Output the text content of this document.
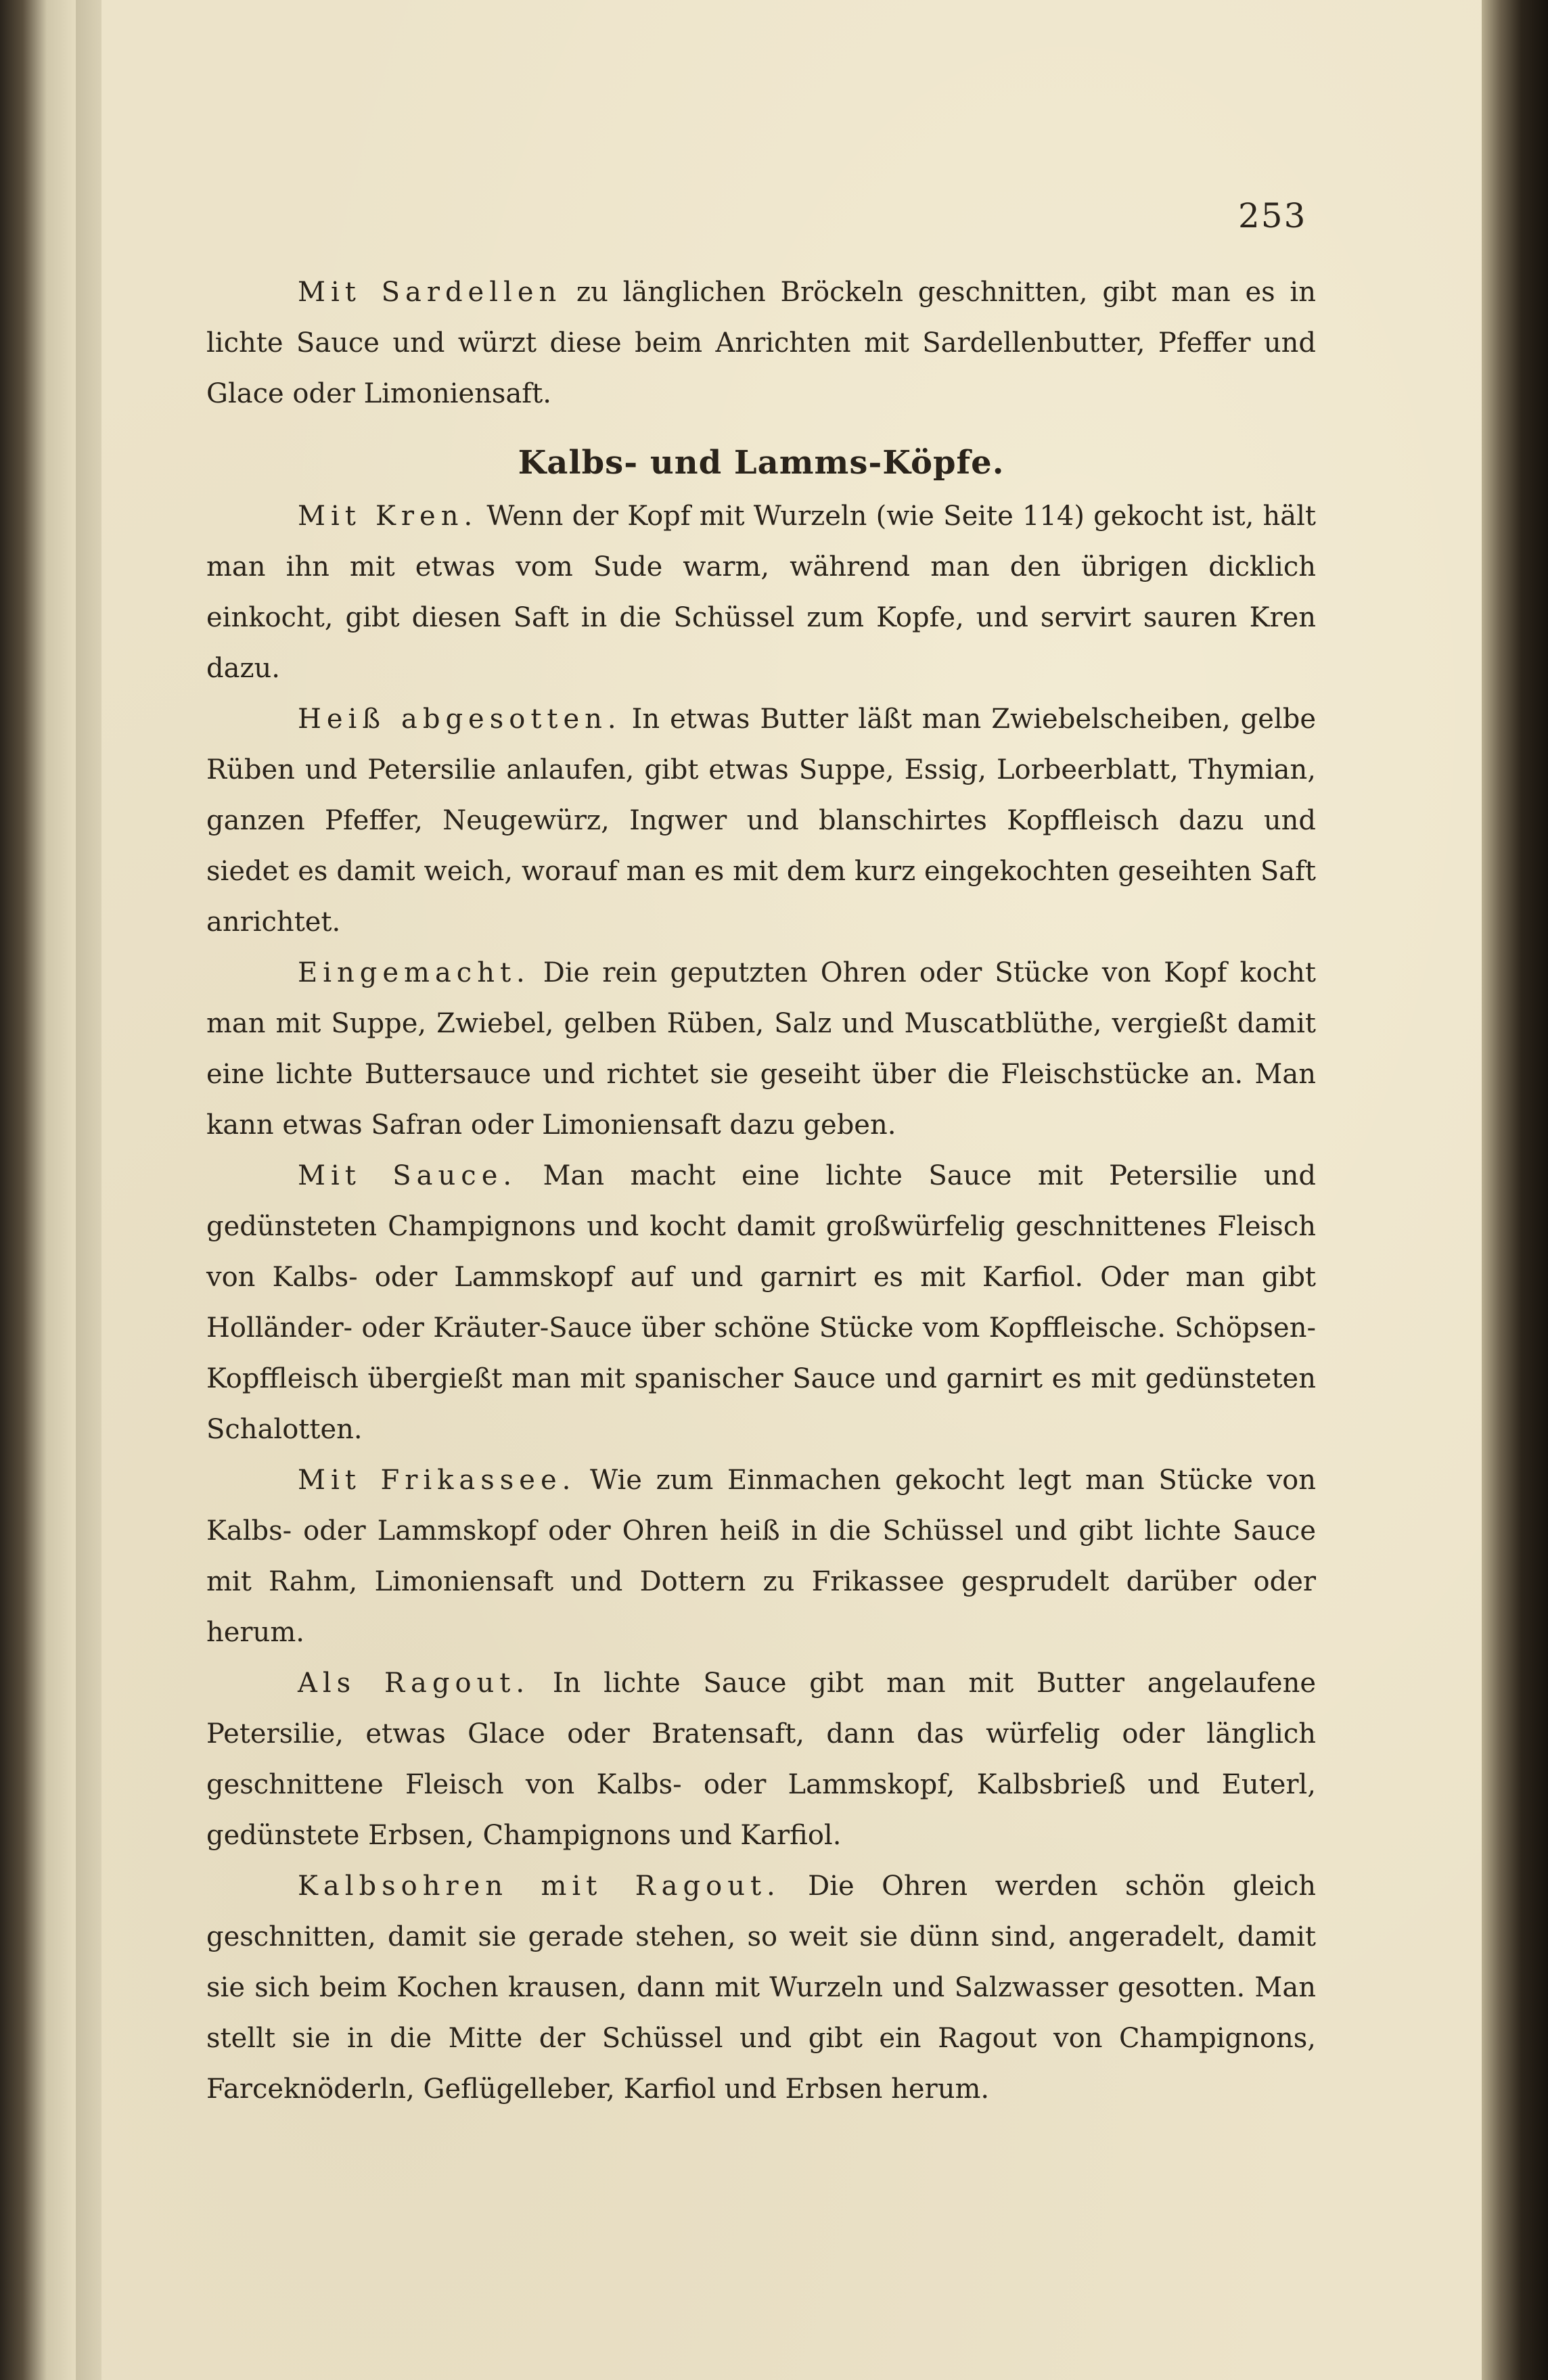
253

Mit Sardellen zu länglichen Bröckeln geschnitten, gibt man es in lichte Sauce und würzt diese beim Anrichten mit Sardellenbutter, Pfeffer und Glace oder Limoniensaft.

Kalbs- und Lamms-Köpfe.

Mit Kren. Wenn der Kopf mit Wurzeln (wie Seite 114) gekocht ist, hält man ihn mit etwas vom Sude warm, während man den übrigen dicklich einkocht, gibt diesen Saft in die Schüssel zum Kopfe, und servirt sauren Kren dazu.

Heiß abgesotten. In etwas Butter läßt man Zwiebelscheiben, gelbe Rüben und Petersilie anlaufen, gibt etwas Suppe, Essig, Lorbeerblatt, Thymian, ganzen Pfeffer, Neugewürz, Ingwer und blanschirtes Kopffleisch dazu und siedet es damit weich, worauf man es mit dem kurz eingekochten geseihten Saft anrichtet.

Eingemacht. Die rein geputzten Ohren oder Stücke von Kopf kocht man mit Suppe, Zwiebel, gelben Rüben, Salz und Muscatblüthe, vergießt damit eine lichte Buttersauce und richtet sie geseiht über die Fleischstücke an. Man kann etwas Safran oder Limoniensaft dazu geben.

Mit Sauce. Man macht eine lichte Sauce mit Petersilie und gedünsteten Champignons und kocht damit großwürfelig geschnittenes Fleisch von Kalbs- oder Lammskopf auf und garnirt es mit Karfiol. Oder man gibt Holländer- oder Kräuter-Sauce über schöne Stücke vom Kopffleische. Schöpsen-Kopffleisch übergießt man mit spanischer Sauce und garnirt es mit gedünsteten Schalotten.

Mit Frikassee. Wie zum Einmachen gekocht legt man Stücke von Kalbs- oder Lammskopf oder Ohren heiß in die Schüssel und gibt lichte Sauce mit Rahm, Limoniensaft und Dottern zu Frikassee gesprudelt darüber oder herum.

Als Ragout. In lichte Sauce gibt man mit Butter angelaufene Petersilie, etwas Glace oder Bratensaft, dann das würfelig oder länglich geschnittene Fleisch von Kalbs- oder Lammskopf, Kalbsbrieß und Euterl, gedünstete Erbsen, Champignons und Karfiol.

Kalbsohren mit Ragout. Die Ohren werden schön gleich geschnitten, damit sie gerade stehen, so weit sie dünn sind, angeradelt, damit sie sich beim Kochen krausen, dann mit Wurzeln und Salzwasser gesotten. Man stellt sie in die Mitte der Schüssel und gibt ein Ragout von Champignons, Farceknöderln, Geflügelleber, Karfiol und Erbsen herum.
